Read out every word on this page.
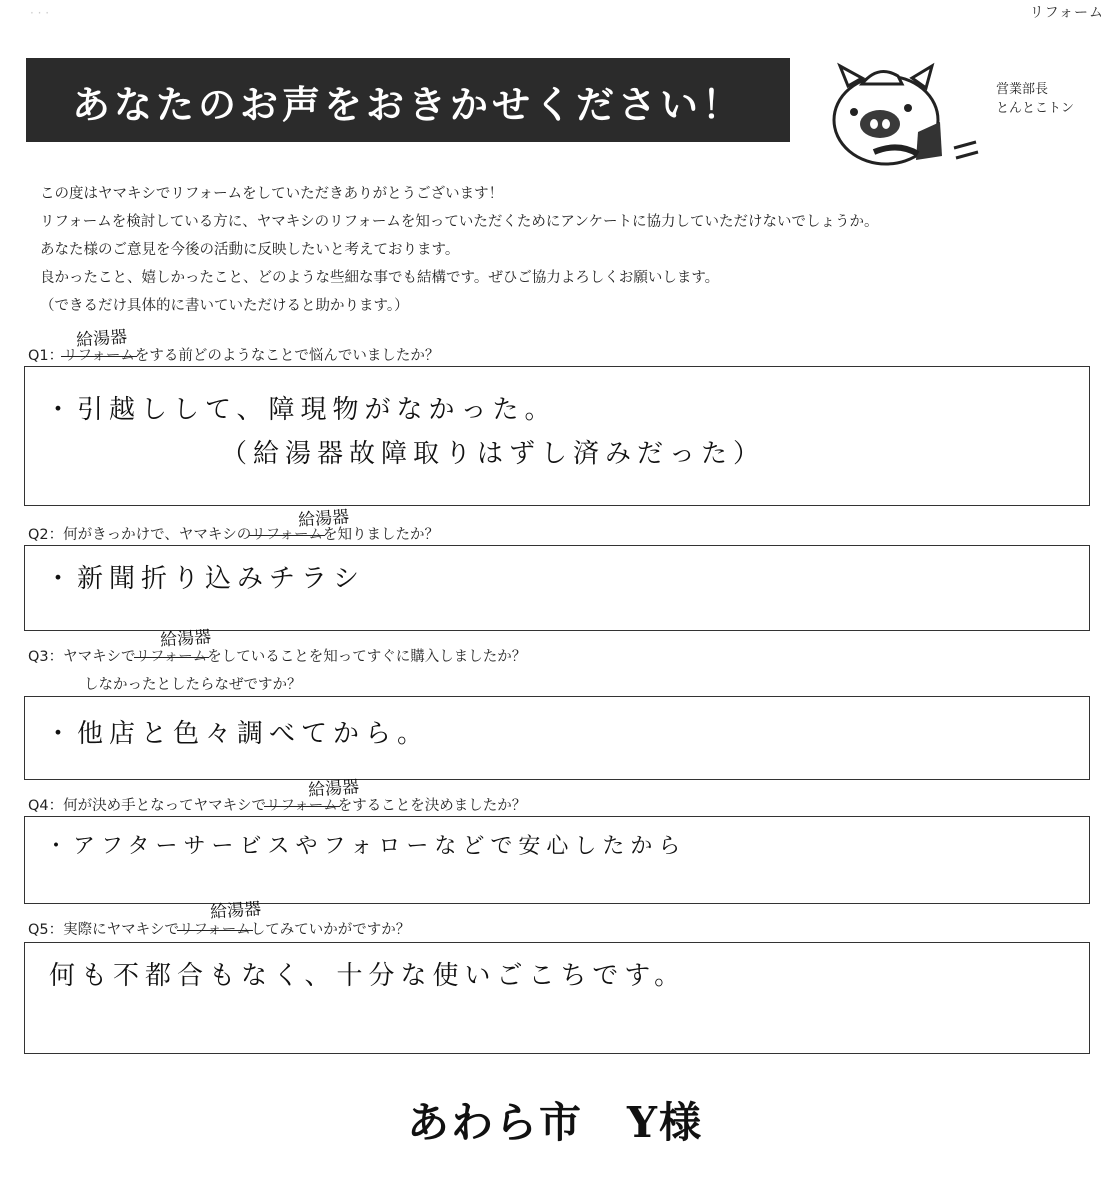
· · ·	リフォーム
あなたのお声をおきかせください！	営業部長
とんとこトン

この度はヤマキシでリフォームをしていただきありがとうございます！

リフォームを検討している方に、ヤマキシのリフォームを知っていただくためにアンケートに協力していただけないでしょうか。

あなた様のご意見を今後の活動に反映したいと考えております。

良かったこと、嬉しかったこと、どのような些細な事でも結構です。ぜひご協力よろしくお願いします。

（できるだけ具体的に書いていただけると助かります。）

給湯器
Q1：リフォームをする前どのようなことで悩んでいましたか？
・引越しして、障現物がなかった。
（給湯器故障取りはずし済みだった）
給湯器
Q2：何がきっかけで、ヤマキシのリフォームを知りましたか？
・新聞折り込みチラシ
給湯器
Q3：ヤマキシでリフォームをしていることを知ってすぐに購入しましたか？
しなかったとしたらなぜですか？
・他店と色々調べてから。
給湯器
Q4：何が決め手となってヤマキシでリフォームをすることを決めましたか？
・アフターサービスやフォローなどで安心したから
給湯器
Q5：実際にヤマキシでリフォームしてみていかがですか？
何も不都合もなく、十分な使いごこちです。
あわら市　Y様
